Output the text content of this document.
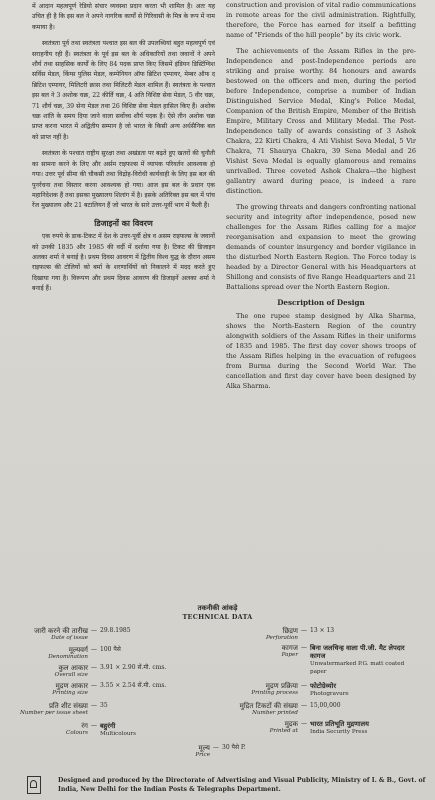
में आदान महत्वपूर्ण रेडियो संचार व्यवस्था प्रदान करता भी शामिल है। अतः यह उचित ही है कि इस बल ने अपने नागरिक कार्यों से गिरिवासी के मित्र के रूप में नाम कमाया है।

स्वतंत्रता पूर्व तथा स्वतंत्रता पश्चात इस बल की उपलब्धियां बहुत महत्वपूर्ण एवं सराहनीय रही हैं। स्वतंत्रता के पूर्व इस बल के अधिकारियों तथा जवानों ने अपने शौर्य तथा साहसिक कार्यों के लिए 84 पदक प्राप्त किए जिसमें इंडियन डिस्टिंग्विश सर्विस मेडल, किंग्स पुलिस मेडल, कम्पेनियन ऑफ ब्रिटिश एम्पायर, मेम्बर ऑफ द ब्रिटिश एम्पायर, मिलिटरी क्रास तथा मिलिटरी मेडल शामिल हैं। स्वतंत्रता के पश्चात इस बल ने 3 अशोक चक्र, 22 कीर्ति चक्र, 4 अति विशिष्ट सेवा मेडल, 5 वीर चक्र, 71 शौर्य चक्र, 39 सेना मेडल तथा 26 विशिष्ट सेवा मेडल हासिल किए हैं। अशोक चक्र शांति के समय दिया जाने वाला सर्वोच्च शौर्य पदक है। ऐसे तीन अशोक चक्र प्राप्त करना भारत में अद्वितीय सम्मान है जो भारत के किसी अन्य अर्धसैनिक बल को प्राप्त नहीं है।

स्वतंत्रता के पश्चात राष्ट्रीय सुरक्षा तथा अखंडता पर बढ़ते हुए खतरों की चुनौती का सामना करने के लिए और अर्सम राइफल्स में व्यापक परिवर्तन आवश्यक हो गया। उत्तर पूर्व सीमा की चौकसी तथा विद्रोह-विरोधी कार्यवाही के लिए इस बल की पुनर्रचना तथा विस्तार करना आवश्यक हो गया। आज इस बल के प्रधान एक महानिदेशक हैं तथा इसका मुख्यालय शिलांग में है। इसके अतिरिक्त इस बल में पांच रेंज मुख्यालय और 21 बटालियन हैं जो भारत के सारे उत्तर-पूर्वी भाग में फैली हैं।

डिजाइनों का विवरण

एक रुपये के डाक-टिकट में देश के उत्तर-पूर्वी क्षेत्र व असम राइफल्स के जवानों को उनकी 1835 और 1985 की वर्दी में दर्शाया गया है। टिकट की डिजाइन अलका शर्मा ने बनाई है। प्रथम दिवस आवरण में द्वितीय विश्व युद्ध के दौरान असम राइफल्स की टोलियों को बर्मा के शरणार्थियों को निकालने में मदद करते हुए दिखाया गया है। विरूपण और प्रथम दिवस आवरण की डिजाइनें अलका शर्मा ने बनाई हैं।

construction and provision of vital radio communications in remote areas for the civil administration. Rightfully, therefore, the Force has earned for itself a befitting name of "Friends of the hill people" by its civic work.

The achievements of the Assam Rifles in the pre-Independence and post-Independence periods are striking and praise worthy. 84 honours and awards bestowed on the officers and men, during the period before Independence, comprise a number of Indian Distinguished Service Medal, King's Police Medal, Companion of the British Empire, Member of the British Empire, Military Cross and Military Medal. The Post-Independence tally of awards consisting of 3 Ashok Chakra, 22 Kirti Chakra, 4 Ati Vishist Seva Medal, 5 Vir Chakra, 71 Shaurya Chakra, 39 Sena Medal and 26 Vishist Seva Medal is equally glamorous and remains unrivalled. Three coveted Ashok Chakra—the highest gallantry award during peace, is indeed a rare distinction.

The growing threats and dangers confronting national security and integrity after independence, posed new challenges for the Assam Rifles calling for a major reorganisation and expansion to meet the growing demands of counter insurgency and border vigilance in the disturbed North Eastern Region. The Force today is headed by a Director General with his Headquarters at Shillong and consists of five Range Headquarters and 21 Battalions spread over the North Eastern Region.

Description of Design

The one rupee stamp designed by Alka Sharma, shows the North-Eastern Region of the country alongwith soldiers of the Assam Rifles in their uniforms of 1835 and 1985. The first day cover shows troops of the Assam Rifles helping in the evacuation of refugees from Burma during the Second World War. The cancellation and first day cover have been designed by Alka Sharma.

तकनीकी आंकड़े
TECHNICAL DATA
जारी करने की तारीख
Date of issue
— 29.8.1985
मूल्यवर्ग
Denomination
— 100 पैसे
कुल आकार
Overall size
— 3.91 × 2.90 सें.मी. cms.
मुद्रण आकार
Printing size
— 3.55 × 2.54 सें.मी. cms.
प्रति शीट संख्या
Number per issue sheet
— 35
रंग
Colours
— बहुरंगी
Multicolours
छिद्रण
Perforation
— 13 × 13
कागज
Paper
— बिना जलचिन्ह वाला पी.जी. मैट लेपदार कागज
Unwatermarked P.G. matt coated paper
मुद्रण प्रक्रिया
Printing process
— फोटोग्रेव्योर
Photogravure
मुद्रित टिकटों की संख्या
Number printed
— 15,00,000
मुद्रक
Printed at
— भारत प्रतिभूति मुद्रणालय
India Security Press
मूल्य
Price
— 30 पैसे P.
Designed and produced by the Directorate of Advertising and Visual Publicity, Ministry of I. & B., Govt. of India, New Delhi for the Indian Posts & Telegraphs Department.
